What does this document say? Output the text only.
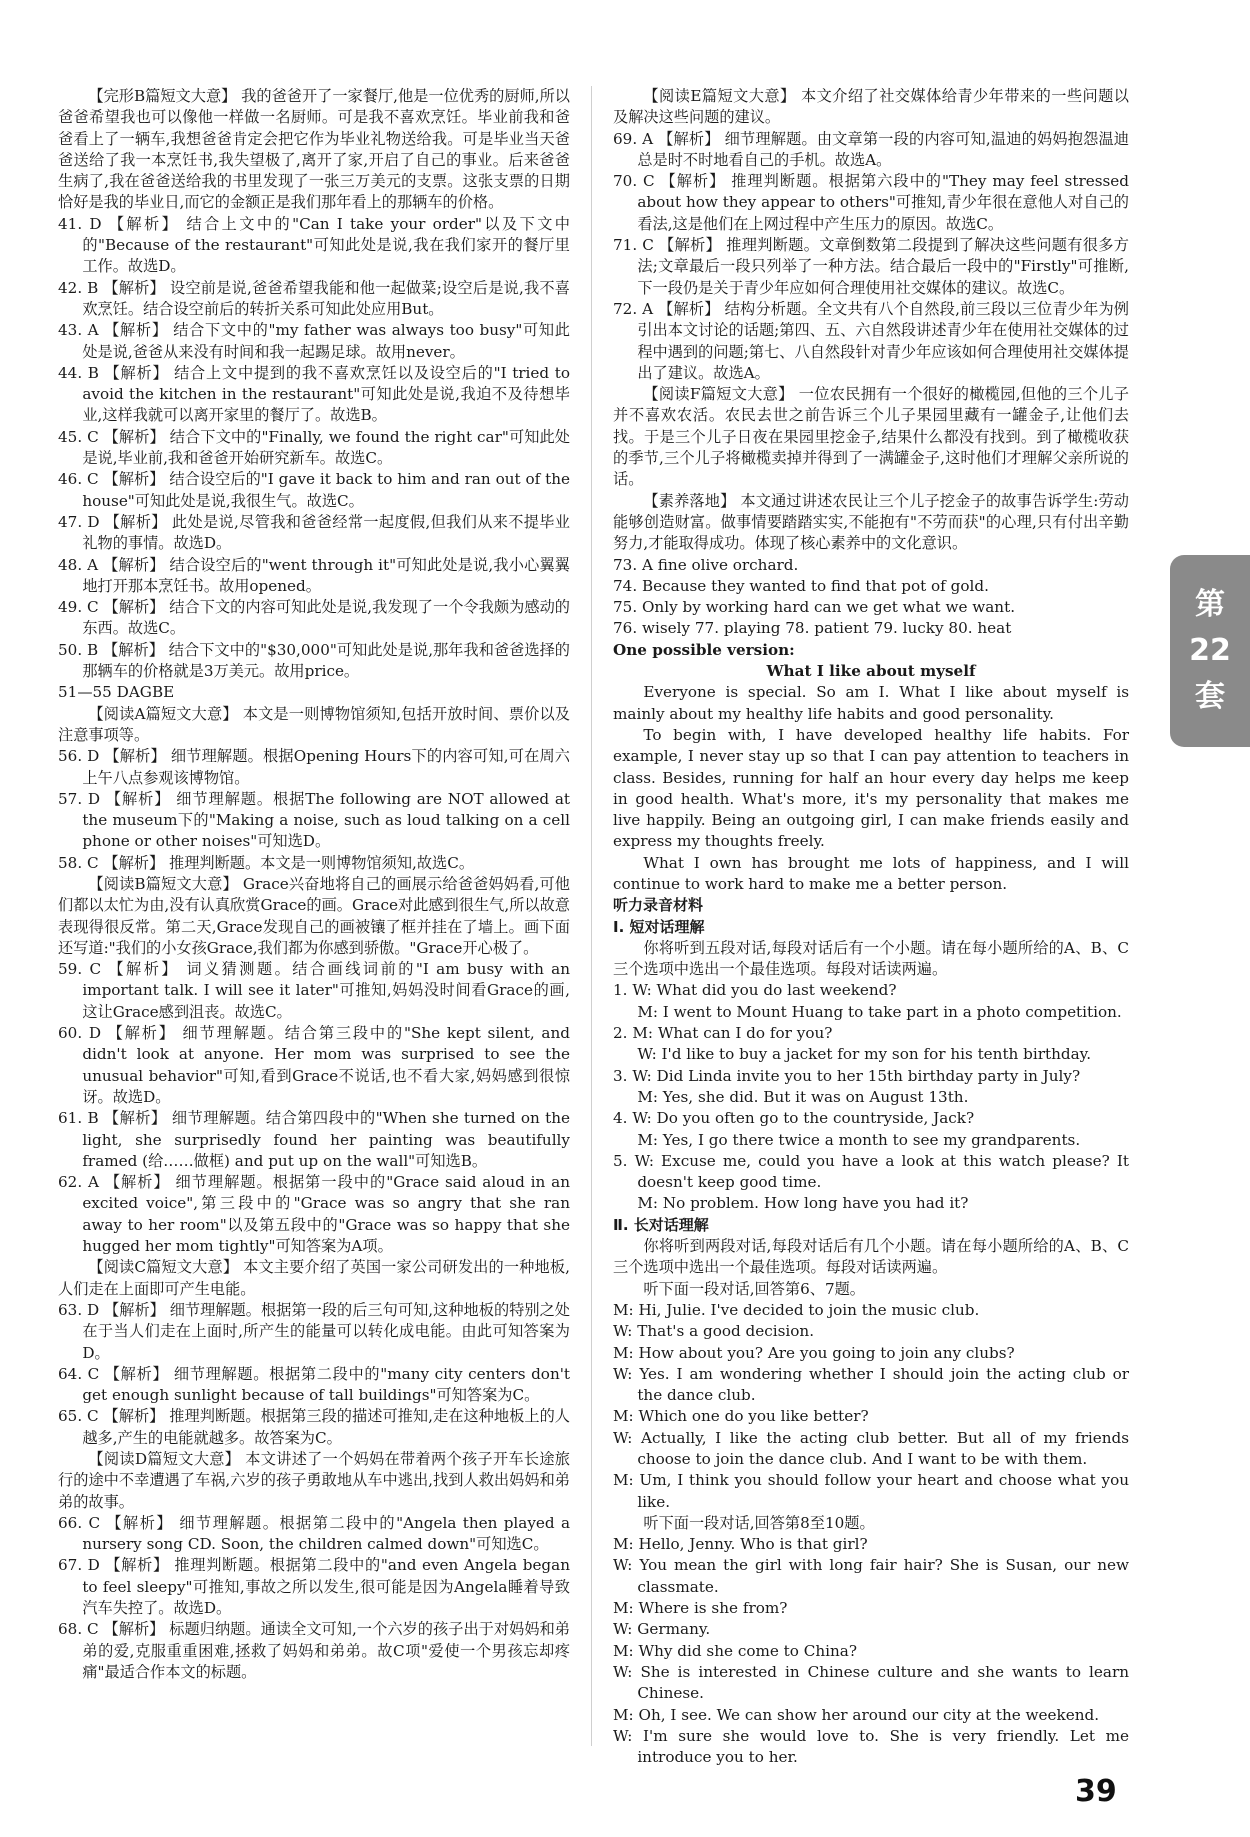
【完形B篇短文大意】 我的爸爸开了一家餐厅,他是一位优秀的厨师,所以爸爸希望我也可以像他一样做一名厨师。可是我不喜欢烹饪。毕业前我和爸爸看上了一辆车,我想爸爸肯定会把它作为毕业礼物送给我。可是毕业当天爸爸送给了我一本烹饪书,我失望极了,离开了家,开启了自己的事业。后来爸爸生病了,我在爸爸送给我的书里发现了一张三万美元的支票。这张支票的日期恰好是我的毕业日,而它的金额正是我们那年看上的那辆车的价格。

41. D 【解析】 结合上文中的"Can I take your order"以及下文中的"Because of the restaurant"可知此处是说,我在我们家开的餐厅里工作。故选D。

42. B 【解析】 设空前是说,爸爸希望我能和他一起做菜;设空后是说,我不喜欢烹饪。结合设空前后的转折关系可知此处应用But。

43. A 【解析】 结合下文中的"my father was always too busy"可知此处是说,爸爸从来没有时间和我一起踢足球。故用never。

44. B 【解析】 结合上文中提到的我不喜欢烹饪以及设空后的"I tried to avoid the kitchen in the restaurant"可知此处是说,我迫不及待想毕业,这样我就可以离开家里的餐厅了。故选B。

45. C 【解析】 结合下文中的"Finally, we found the right car"可知此处是说,毕业前,我和爸爸开始研究新车。故选C。

46. C 【解析】 结合设空后的"I gave it back to him and ran out of the house"可知此处是说,我很生气。故选C。

47. D 【解析】 此处是说,尽管我和爸爸经常一起度假,但我们从来不提毕业礼物的事情。故选D。

48. A 【解析】 结合设空后的"went through it"可知此处是说,我小心翼翼地打开那本烹饪书。故用opened。

49. C 【解析】 结合下文的内容可知此处是说,我发现了一个令我颇为感动的东西。故选C。

50. B 【解析】 结合下文中的"$30,000"可知此处是说,那年我和爸爸选择的那辆车的价格就是3万美元。故用price。

51—55 DAGBE

【阅读A篇短文大意】 本文是一则博物馆须知,包括开放时间、票价以及注意事项等。

56. D 【解析】 细节理解题。根据Opening Hours下的内容可知,可在周六上午八点参观该博物馆。

57. D 【解析】 细节理解题。根据The following are NOT allowed at the museum下的"Making a noise, such as loud talking on a cell phone or other noises"可知选D。

58. C 【解析】 推理判断题。本文是一则博物馆须知,故选C。

【阅读B篇短文大意】 Grace兴奋地将自己的画展示给爸爸妈妈看,可他们都以太忙为由,没有认真欣赏Grace的画。Grace对此感到很生气,所以故意表现得很反常。第二天,Grace发现自己的画被镶了框并挂在了墙上。画下面还写道:"我们的小女孩Grace,我们都为你感到骄傲。"Grace开心极了。

59. C 【解析】 词义猜测题。结合画线词前的"I am busy with an important talk. I will see it later"可推知,妈妈没时间看Grace的画,这让Grace感到沮丧。故选C。

60. D 【解析】 细节理解题。结合第三段中的"She kept silent, and didn't look at anyone. Her mom was surprised to see the unusual behavior"可知,看到Grace不说话,也不看大家,妈妈感到很惊讶。故选D。

61. B 【解析】 细节理解题。结合第四段中的"When she turned on the light, she surprisedly found her painting was beautifully framed (给……做框) and put up on the wall"可知选B。

62. A 【解析】 细节理解题。根据第一段中的"Grace said aloud in an excited voice",第三段中的"Grace was so angry that she ran away to her room"以及第五段中的"Grace was so happy that she hugged her mom tightly"可知答案为A项。

【阅读C篇短文大意】 本文主要介绍了英国一家公司研发出的一种地板,人们走在上面即可产生电能。

63. D 【解析】 细节理解题。根据第一段的后三句可知,这种地板的特别之处在于当人们走在上面时,所产生的能量可以转化成电能。由此可知答案为D。

64. C 【解析】 细节理解题。根据第二段中的"many city centers don't get enough sunlight because of tall buildings"可知答案为C。

65. C 【解析】 推理判断题。根据第三段的描述可推知,走在这种地板上的人越多,产生的电能就越多。故答案为C。

【阅读D篇短文大意】 本文讲述了一个妈妈在带着两个孩子开车长途旅行的途中不幸遭遇了车祸,六岁的孩子勇敢地从车中逃出,找到人救出妈妈和弟弟的故事。

66. C 【解析】 细节理解题。根据第二段中的"Angela then played a nursery song CD. Soon, the children calmed down"可知选C。

67. D 【解析】 推理判断题。根据第二段中的"and even Angela began to feel sleepy"可推知,事故之所以发生,很可能是因为Angela睡着导致汽车失控了。故选D。

68. C 【解析】 标题归纳题。通读全文可知,一个六岁的孩子出于对妈妈和弟弟的爱,克服重重困难,拯救了妈妈和弟弟。故C项"爱使一个男孩忘却疼痛"最适合作本文的标题。

【阅读E篇短文大意】 本文介绍了社交媒体给青少年带来的一些问题以及解决这些问题的建议。

69. A 【解析】 细节理解题。由文章第一段的内容可知,温迪的妈妈抱怨温迪总是时不时地看自己的手机。故选A。

70. C 【解析】 推理判断题。根据第六段中的"They may feel stressed about how they appear to others"可推知,青少年很在意他人对自己的看法,这是他们在上网过程中产生压力的原因。故选C。

71. C 【解析】 推理判断题。文章倒数第二段提到了解决这些问题有很多方法;文章最后一段只列举了一种方法。结合最后一段中的"Firstly"可推断,下一段仍是关于青少年应如何合理使用社交媒体的建议。故选C。

72. A 【解析】 结构分析题。全文共有八个自然段,前三段以三位青少年为例引出本文讨论的话题;第四、五、六自然段讲述青少年在使用社交媒体的过程中遇到的问题;第七、八自然段针对青少年应该如何合理使用社交媒体提出了建议。故选A。

【阅读F篇短文大意】 一位农民拥有一个很好的橄榄园,但他的三个儿子并不喜欢农活。农民去世之前告诉三个儿子果园里藏有一罐金子,让他们去找。于是三个儿子日夜在果园里挖金子,结果什么都没有找到。到了橄榄收获的季节,三个儿子将橄榄卖掉并得到了一满罐金子,这时他们才理解父亲所说的话。

【素养落地】 本文通过讲述农民让三个儿子挖金子的故事告诉学生:劳动能够创造财富。做事情要踏踏实实,不能抱有"不劳而获"的心理,只有付出辛勤努力,才能取得成功。体现了核心素养中的文化意识。

73. A fine olive orchard.

74. Because they wanted to find that pot of gold.

75. Only by working hard can we get what we want.

76. wisely 77. playing 78. patient 79. lucky 80. heat

One possible version:

What I like about myself

Everyone is special. So am I. What I like about myself is mainly about my healthy life habits and good personality.

To begin with, I have developed healthy life habits. For example, I never stay up so that I can pay attention to teachers in class. Besides, running for half an hour every day helps me keep in good health. What's more, it's my personality that makes me live happily. Being an outgoing girl, I can make friends easily and express my thoughts freely.

What I own has brought me lots of happiness, and I will continue to work hard to make me a better person.

听力录音材料

Ⅰ. 短对话理解

你将听到五段对话,每段对话后有一个小题。请在每小题所给的A、B、C三个选项中选出一个最佳选项。每段对话读两遍。

1. W: What did you do last weekend?

M: I went to Mount Huang to take part in a photo competition.

2. M: What can I do for you?

W: I'd like to buy a jacket for my son for his tenth birthday.

3. W: Did Linda invite you to her 15th birthday party in July?

M: Yes, she did. But it was on August 13th.

4. W: Do you often go to the countryside, Jack?

M: Yes, I go there twice a month to see my grandparents.

5. W: Excuse me, could you have a look at this watch please? It doesn't keep good time.

M: No problem. How long have you had it?

Ⅱ. 长对话理解

你将听到两段对话,每段对话后有几个小题。请在每小题所给的A、B、C三个选项中选出一个最佳选项。每段对话读两遍。

听下面一段对话,回答第6、7题。

M: Hi, Julie. I've decided to join the music club.

W: That's a good decision.

M: How about you? Are you going to join any clubs?

W: Yes. I am wondering whether I should join the acting club or the dance club.

M: Which one do you like better?

W: Actually, I like the acting club better. But all of my friends choose to join the dance club. And I want to be with them.

M: Um, I think you should follow your heart and choose what you like.

听下面一段对话,回答第8至10题。

M: Hello, Jenny. Who is that girl?

W: You mean the girl with long fair hair? She is Susan, our new classmate.

M: Where is she from?

W: Germany.

M: Why did she come to China?

W: She is interested in Chinese culture and she wants to learn Chinese.

M: Oh, I see. We can show her around our city at the weekend.

W: I'm sure she would love to. She is very friendly. Let me introduce you to her.

第
22
套
39
